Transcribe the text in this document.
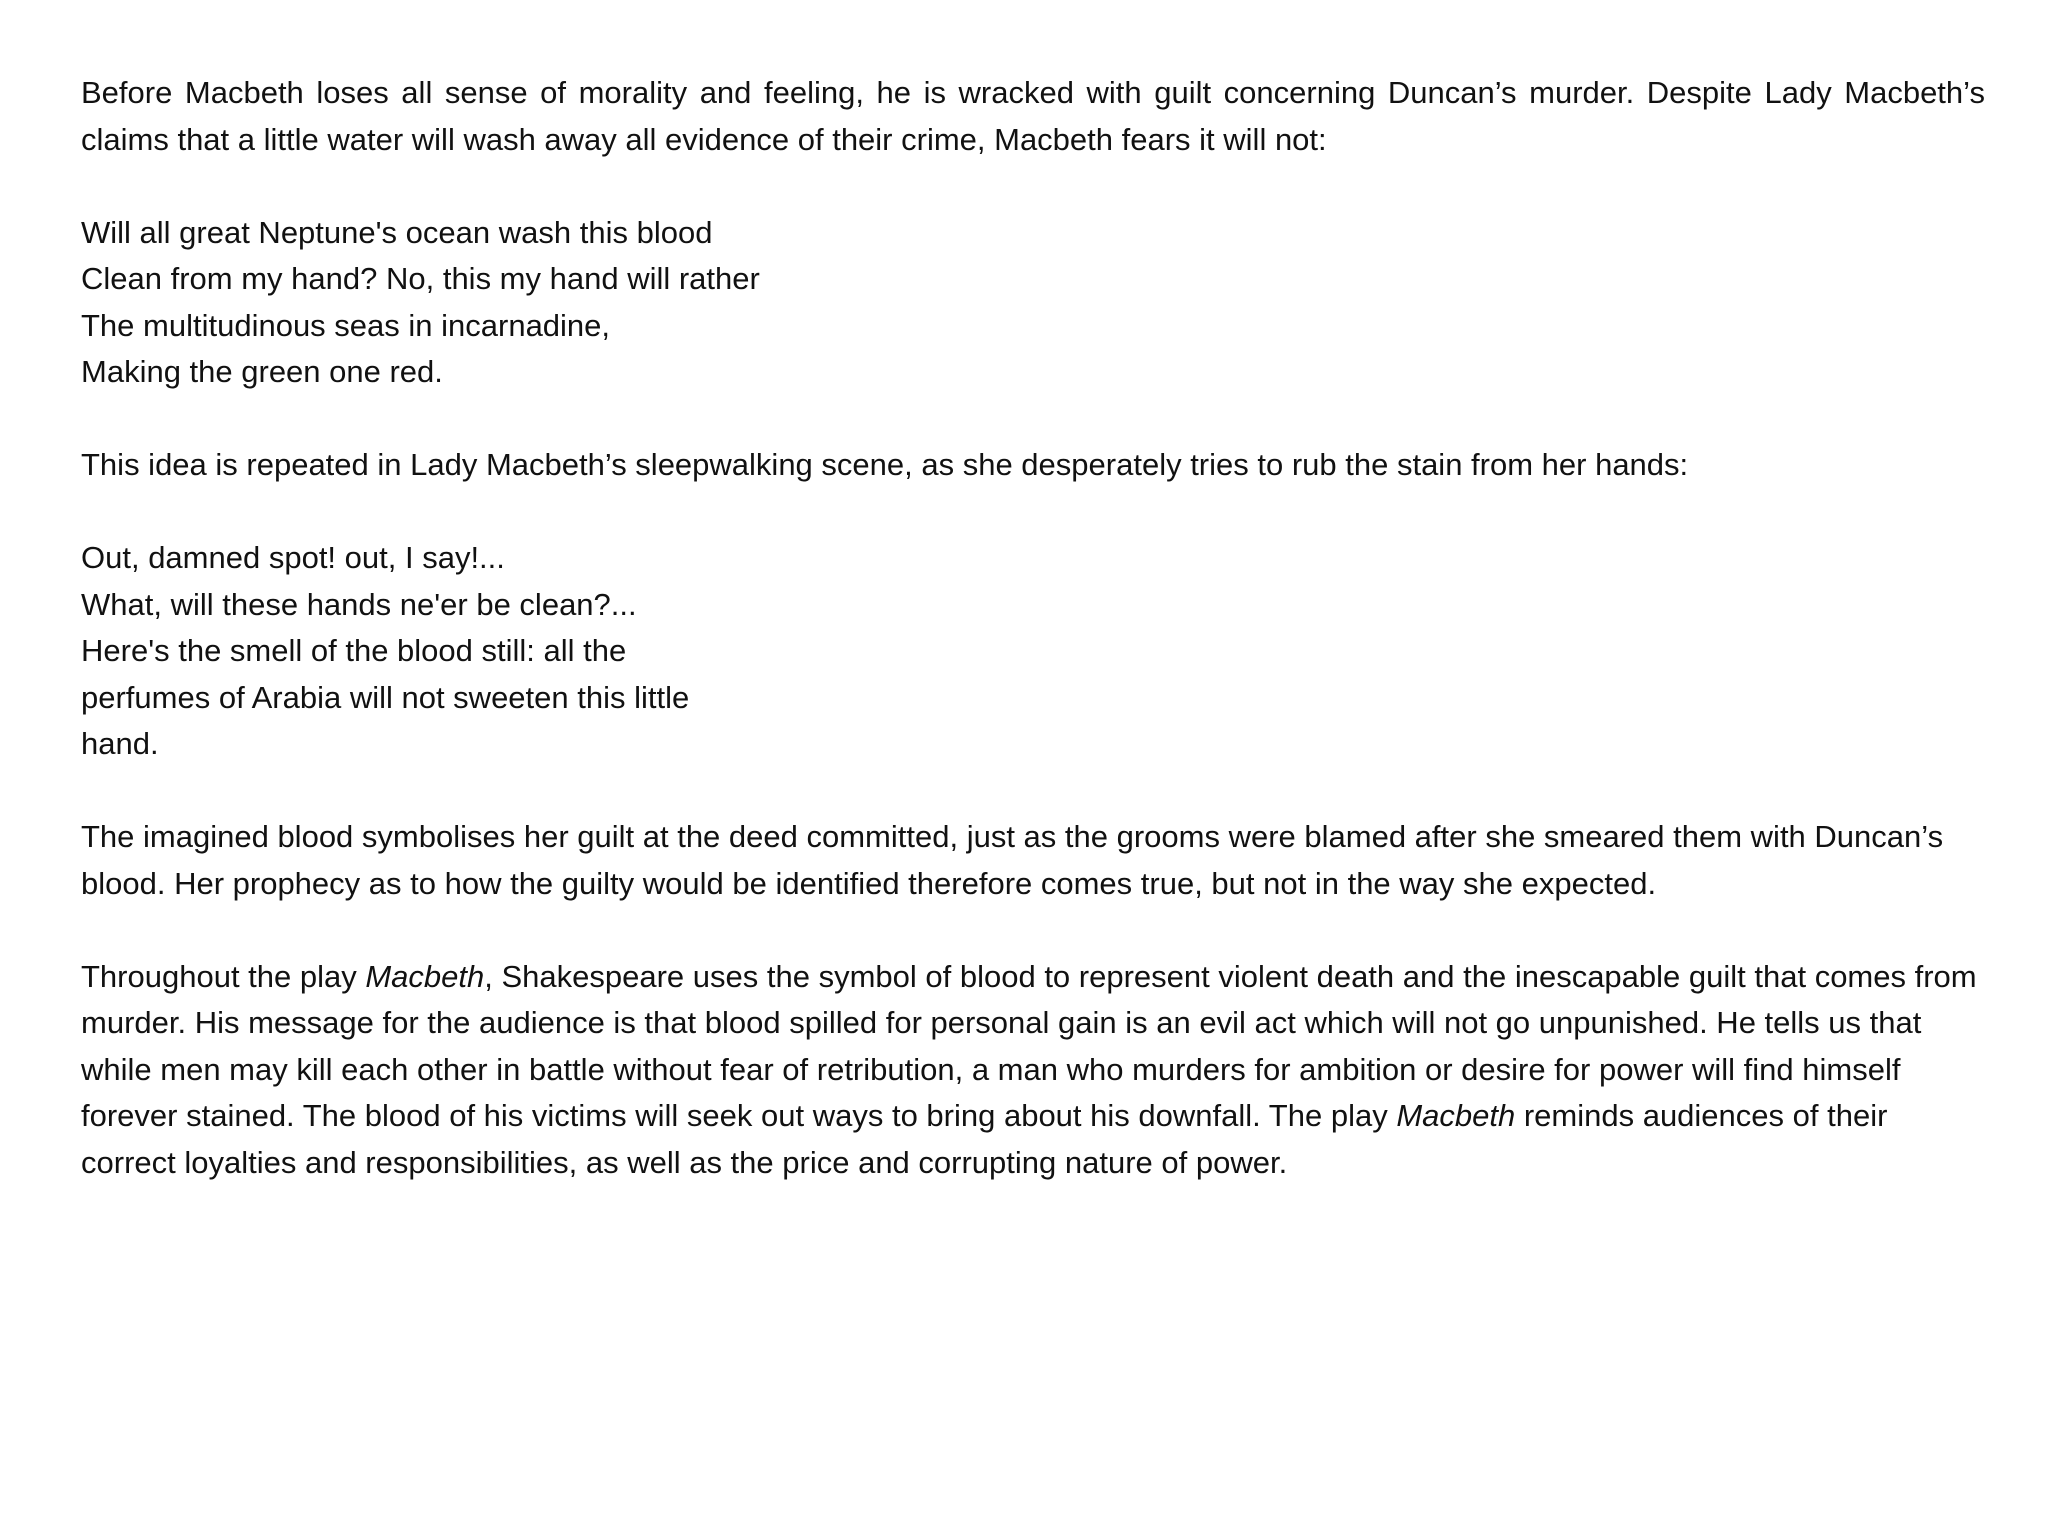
Before Macbeth loses all sense of morality and feeling, he is wracked with guilt concerning Duncan’s murder. Despite Lady Macbeth’s claims that a little water will wash away all evidence of their crime, Macbeth fears it will not:

Will all great Neptune's ocean wash this blood
Clean from my hand? No, this my hand will rather
The multitudinous seas in incarnadine,
Making the green one red.

This idea is repeated in Lady Macbeth’s sleepwalking scene, as she desperately tries to rub the stain from her hands:

Out, damned spot! out, I say!...
What, will these hands ne'er be clean?...
Here's the smell of the blood still: all the
perfumes of Arabia will not sweeten this little
hand.

The imagined blood symbolises her guilt at the deed committed, just as the grooms were blamed after she smeared them with Duncan’s blood. Her prophecy as to how the guilty would be identified therefore comes true, but not in the way she expected.

Throughout the play Macbeth, Shakespeare uses the symbol of blood to represent violent death and the inescapable guilt that comes from murder. His message for the audience is that blood spilled for personal gain is an evil act which will not go unpunished. He tells us that while men may kill each other in battle without fear of retribution, a man who murders for ambition or desire for power will find himself forever stained. The blood of his victims will seek out ways to bring about his downfall. The play Macbeth reminds audiences of their correct loyalties and responsibilities, as well as the price and corrupting nature of power.
